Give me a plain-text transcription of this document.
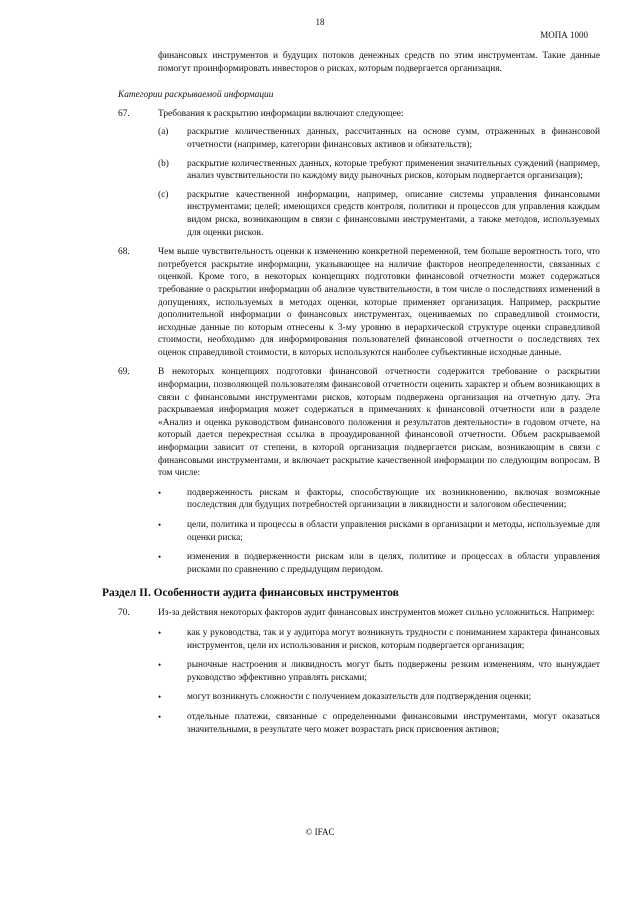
18
МОПА 1000

финансовых инструментов и будущих потоков денежных средств по этим инструментам. Такие данные помогут проинформировать инвесторов о рисках, которым подвергается организация.

Категории раскрываемой информации
67.	Требования к раскрытию информации включают следующее:
(a)	раскрытие количественных данных, рассчитанных на основе сумм, отраженных в финансовой отчетности (например, категории финансовых активов и обязательств);
(b)	раскрытие количественных данных, которые требуют применения значительных суждений (например, анализ чувствительности по каждому виду рыночных рисков, которым подвергается организация);
(c)	раскрытие качественной информации, например, описание системы управления финансовыми инструментами; целей; имеющихся средств контроля, политики и процессов для управления каждым видом риска, возникающим в связи с финансовыми инструментами, а также методов, используемых для оценки рисков.
68.	Чем выше чувствительность оценки к изменению конкретной переменной, тем больше вероятность того, что потребуется раскрытие информации, указывающее на наличие факторов неопределенности, связанных с оценкой. Кроме того, в некоторых концепциях подготовки финансовой отчетности может содержаться требование о раскрытии информации об анализе чувствительности, в том числе о последствиях изменений в допущениях, используемых в методах оценки, которые применяет организация. Например, раскрытие дополнительной информации о финансовых инструментах, оцениваемых по справедливой стоимости, исходные данные по которым отнесены к 3-му уровню в иерархической структуре оценки справедливой стоимости, необходимо для информирования пользователей финансовой отчетности о последствиях тех оценок справедливой стоимости, в которых используются наиболее субъективные исходные данные.
69.	В некоторых концепциях подготовки финансовой отчетности содержится требование о раскрытии информации, позволяющей пользователям финансовой отчетности оценить характер и объем возникающих в связи с финансовыми инструментами рисков, которым подвержена организация на отчетную дату. Эта раскрываемая информация может содержаться в примечаниях к финансовой отчетности или в разделе «Анализ и оценка руководством финансового положения и результатов деятельности» в годовом отчете, на который дается перекрестная ссылка в проаудированной финансовой отчетности. Объем раскрываемой информации зависит от степени, в которой организация подвергается рискам, возникающим в связи с финансовыми инструментами, и включает раскрытие качественной информации по следующим вопросам. В том числе:
•	подверженность рискам и факторы, способствующие их возникновению, включая возможные последствия для будущих потребностей организации в ликвидности и залоговом обеспечении;
•	цели, политика и процессы в области управления рисками в организации и методы, используемые для оценки риска;
•	изменения в подверженности рискам или в целях, политике и процессах в области управления рисками по сравнению с предыдущим периодом.
Раздел II. Особенности аудита финансовых инструментов
70.	Из-за действия некоторых факторов аудит финансовых инструментов может сильно усложниться. Например:
•	как у руководства, так и у аудитора могут возникнуть трудности с пониманием характера финансовых инструментов, цели их использования и рисков, которым подвергается организация;
•	рыночные настроения и ликвидность могут быть подвержены резким изменениям, что вынуждает руководство эффективно управлять рисками;
•	могут возникнуть сложности с получением доказательств для подтверждения оценки;
•	отдельные платежи, связанные с определенными финансовыми инструментами, могут оказаться значительными, в результате чего может возрастать риск присвоения активов;
© IFAC
